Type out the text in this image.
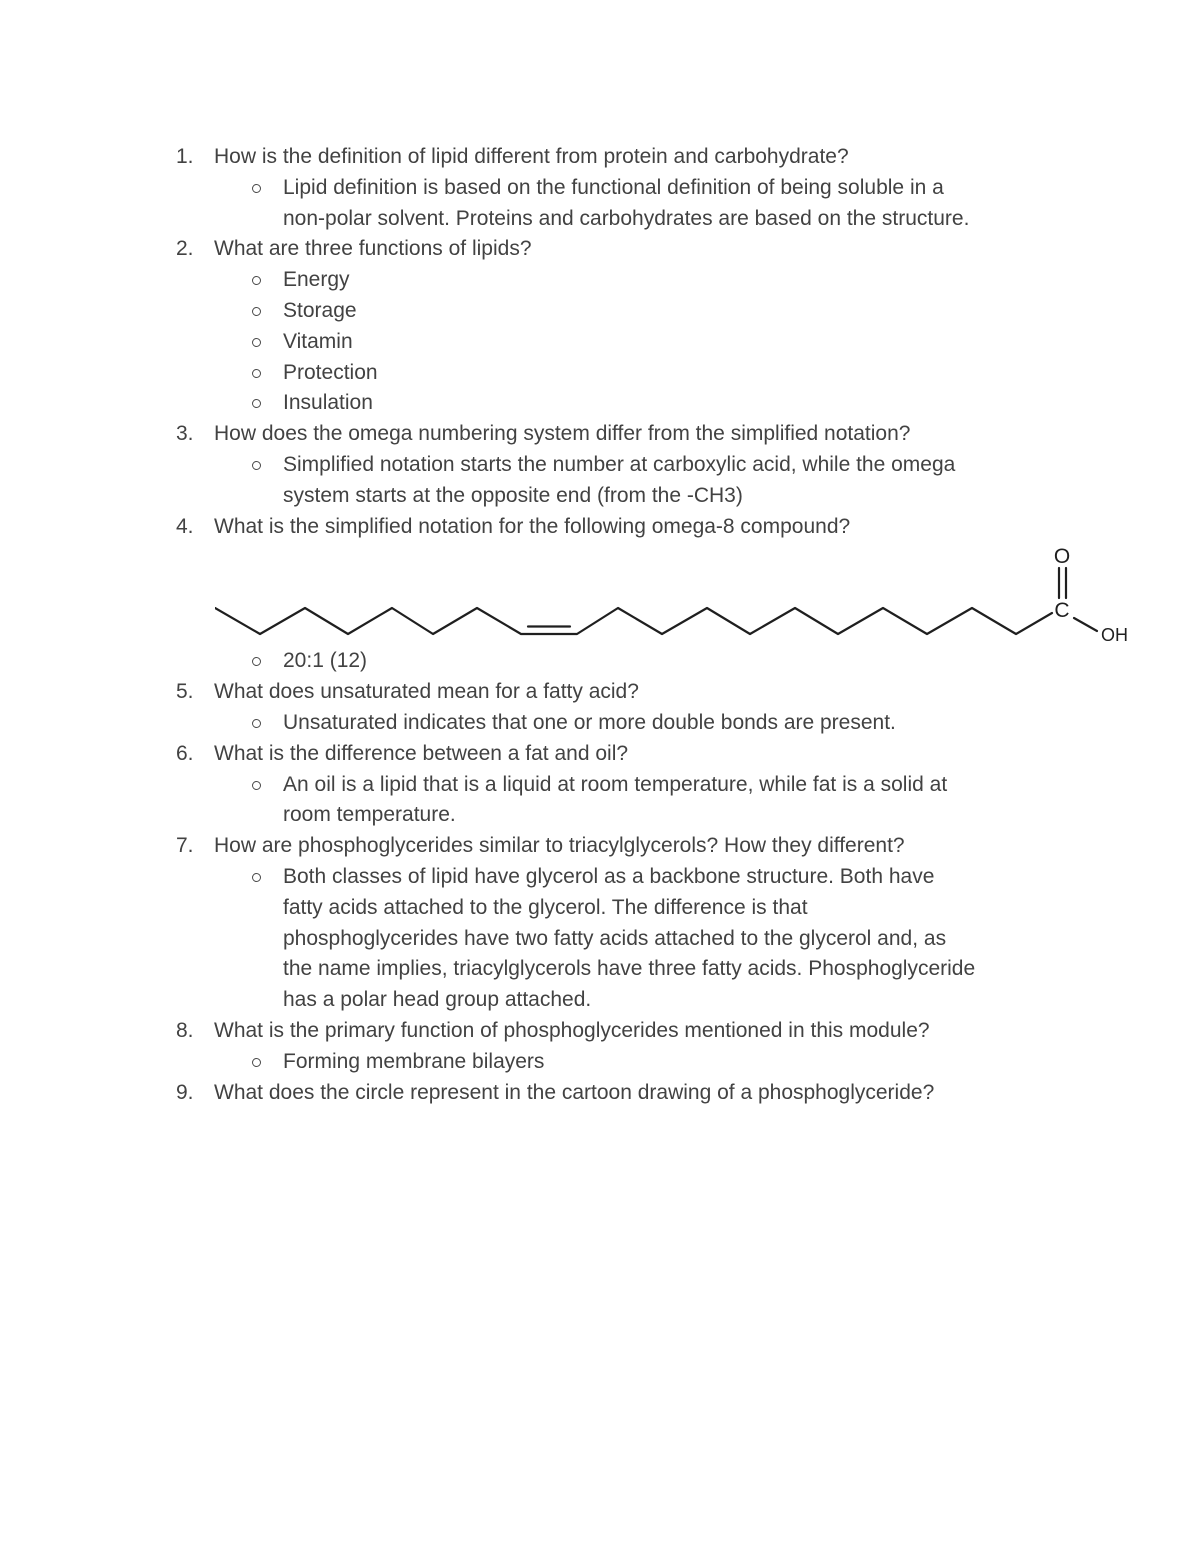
1. How is the definition of lipid different from protein and carbohydrate?
Lipid definition is based on the functional definition of being soluble in a
non-polar solvent. Proteins and carbohydrates are based on the structure.
2. What are three functions of lipids?
Energy
Storage
Vitamin
Protection
Insulation
3. How does the omega numbering system differ from the simplified notation?
Simplified notation starts the number at carboxylic acid, while the omega
system starts at the opposite end (from the -CH3)
4. What is the simplified notation for the following omega-8 compound?
O
C
OH
20:1 (12)
5. What does unsaturated mean for a fatty acid?
Unsaturated indicates that one or more double bonds are present.
6. What is the difference between a fat and oil?
An oil is a lipid that is a liquid at room temperature, while fat is a solid at
room temperature.
7. How are phosphoglycerides similar to triacylglycerols? How they different?
Both classes of lipid have glycerol as a backbone structure. Both have
fatty acids attached to the glycerol. The difference is that
phosphoglycerides have two fatty acids attached to the glycerol and, as
the name implies, triacylglycerols have three fatty acids. Phosphoglyceride
has a polar head group attached.
8. What is the primary function of phosphoglycerides mentioned in this module?
Forming membrane bilayers
9. What does the circle represent in the cartoon drawing of a phosphoglyceride?
